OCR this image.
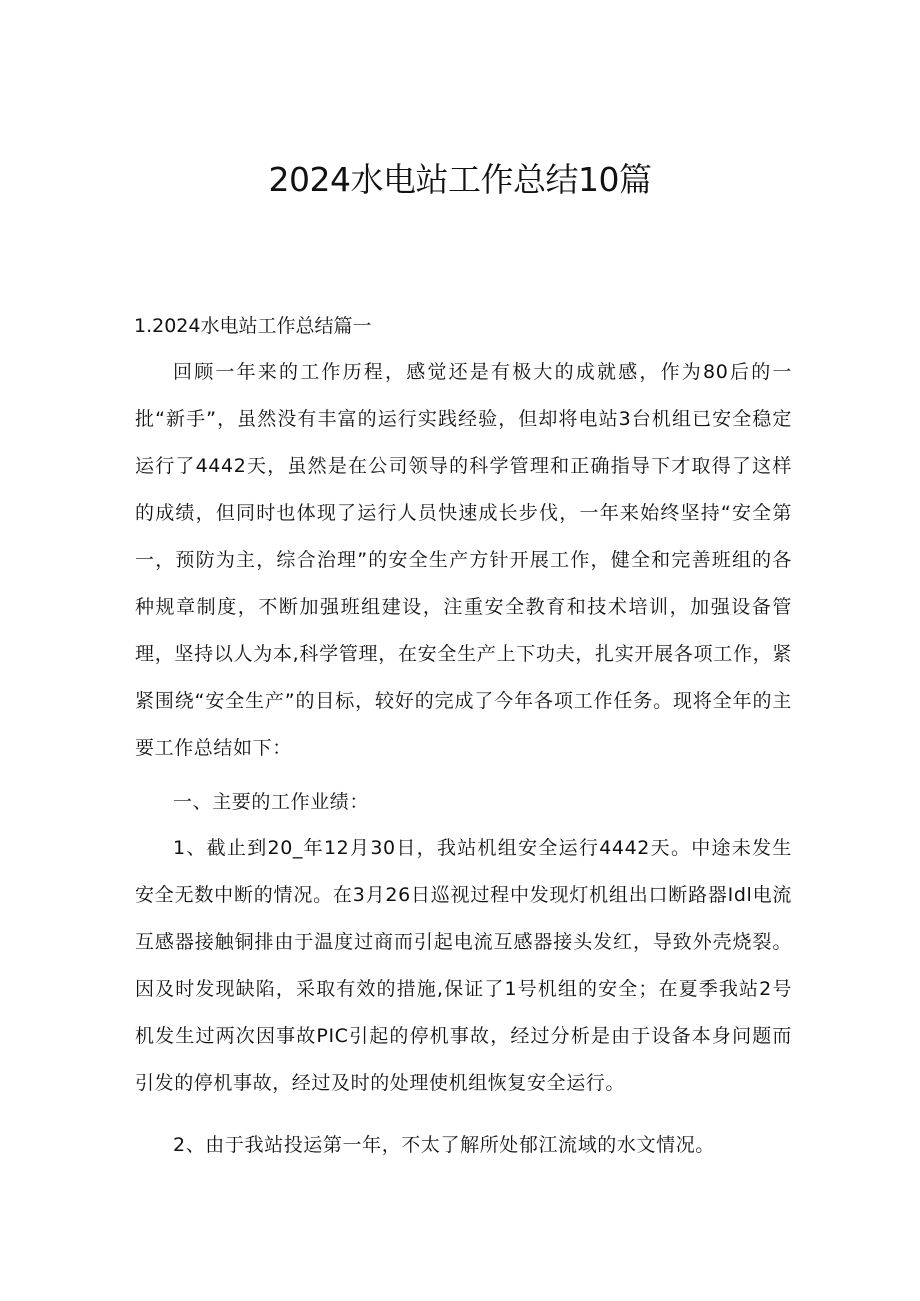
2024水电站工作总结10篇
1.2024水电站工作总结篇一

回顾一年来的工作历程，感觉还是有极大的成就感，作为80后的一批“新手”，虽然没有丰富的运行实践经验，但却将电站3台机组已安全稳定运行了4442天，虽然是在公司领导的科学管理和正确指导下才取得了这样的成绩，但同时也体现了运行人员快速成长步伐，一年来始终坚持“安全第一，预防为主，综合治理”的安全生产方针开展工作，健全和完善班组的各种规章制度，不断加强班组建设，注重安全教育和技术培训，加强设备管理，坚持以人为本,科学管理，在安全生产上下功夫，扎实开展各项工作，紧紧围绕“安全生产”的目标，较好的完成了今年各项工作任务。现将全年的主要工作总结如下：

一、主要的工作业绩：

1、截止到20_年12月30日，我站机组安全运行4442天。中途未发生安全无数中断的情况。在3月26日巡视过程中发现灯机组出口断路器Idl电流互感器接触铜排由于温度过商而引起电流互感器接头发红，导致外壳烧裂。因及时发现缺陷，采取有效的措施,保证了1号机组的安全；在夏季我站2号机发生过两次因事故PIC引起的停机事故，经过分析是由于设备本身问题而引发的停机事故，经过及时的处理使机组恢复安全运行。

2、由于我站投运第一年，不太了解所处郁江流域的水文情况。
